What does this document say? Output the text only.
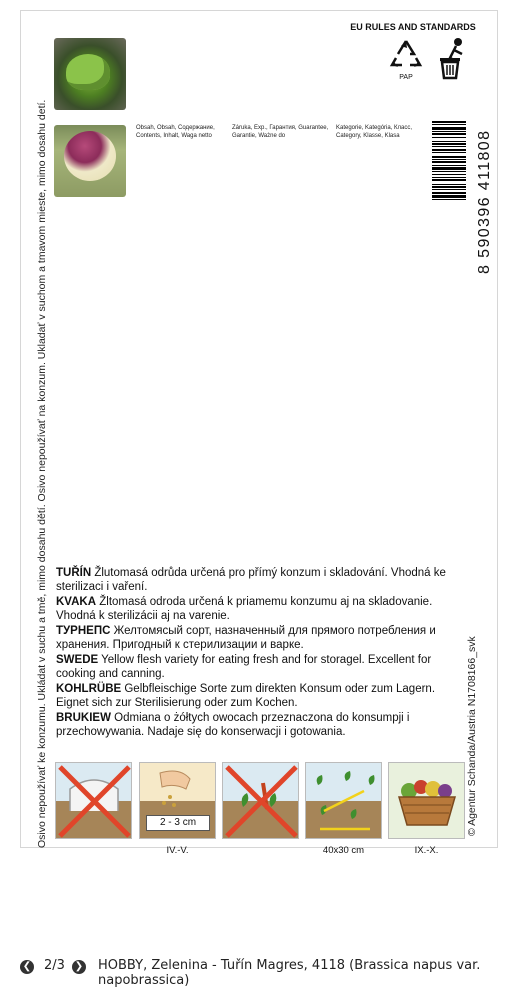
Osivo nepoužívať ke konzumu. Ukládat v suchu a tmě, mimo dosahu dětí. Osivo nepoužívať na konzum. Ukladať v suchom a tmavom mieste, mimo dosahu detí.	© Agentur Schanda/Austria N1708166_svk
Obsah, Obsah, Содержание, Contents, Inhalt, Waga netto
Záruka, Exp., Гарантия, Guarantee, Garantie, Ważne do
Kategorie, Kategória, Класс, Category, Klasse, Klasa
EU RULES AND STANDARDS
PAP
8 590396 411808
TUŘÍN Žlutomasá odrůda určená pro přímý konzum i skladování. Vhodná ke sterilizaci i vaření.
KVAKA Žltomasá odroda určená k priamemu konzumu aj na skladovanie. Vhodná k sterilizácii aj na varenie.
ТУРНЕПС Желтомясый сорт, назначенный для прямого потребления и хранения. Пригодный к стерилизации и варке.
SWEDE Yellow flesh variety for eating fresh and for storagel. Excellent for cooking and canning.
KOHLRÜBE Gelbfleischige Sorte zum direkten Konsum oder zum Lagern. Eignet sich zur Sterilisierung oder zum Kochen.
BRUKIEW Odmiana o żółtych owocach przeznaczona do konsumpji i przechowywania. Nadaje się do konserwacji i gotowania.
2 - 3 cm
IV.-V.	40x30 cm	IX.-X.
❮ 2/3 ❯ HOBBY, Zelenina - Tuřín Magres, 4118 (Brassica napus var. napobrassica)
